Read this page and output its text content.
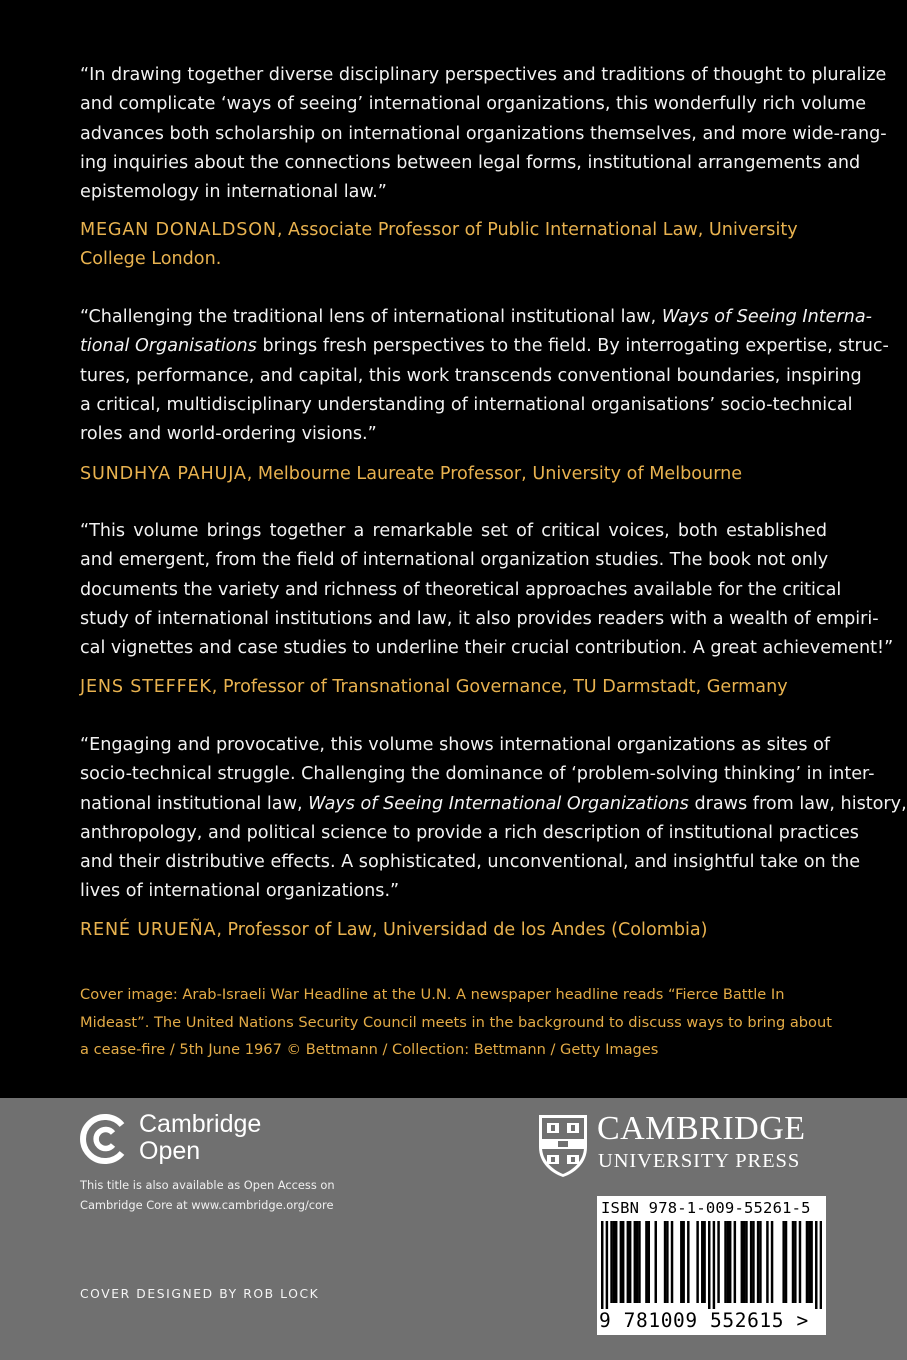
“In drawing together diverse disciplinary perspectives and traditions of thought to pluralize
and complicate ‘ways of seeing’ international organizations, this wonderfully rich volume
advances both scholarship on international organizations themselves, and more wide-rang-
ing inquiries about the connections between legal forms, institutional arrangements and
epistemology in international law.”
MEGAN DONALDSON, Associate Professor of Public International Law, University
College London.
“Challenging the traditional lens of international institutional law, Ways of Seeing Interna-
tional Organisations brings fresh perspectives to the field. By interrogating expertise, struc-
tures, performance, and capital, this work transcends conventional boundaries, inspiring
a critical, multidisciplinary understanding of international organisations’ socio-technical
roles and world-ordering visions.”
SUNDHYA PAHUJA, Melbourne Laureate Professor, University of Melbourne
“This volume brings together a remarkable set of critical voices, both established
and emergent, from the field of international organization studies. The book not only
documents the variety and richness of theoretical approaches available for the critical
study of international institutions and law, it also provides readers with a wealth of empiri-
cal vignettes and case studies to underline their crucial contribution. A great achievement!”
JENS STEFFEK, Professor of Transnational Governance, TU Darmstadt, Germany
“Engaging and provocative, this volume shows international organizations as sites of
socio-technical struggle. Challenging the dominance of ‘problem-solving thinking’ in inter-
national institutional law, Ways of Seeing International Organizations draws from law, history,
anthropology, and political science to provide a rich description of institutional practices
and their distributive effects. A sophisticated, unconventional, and insightful take on the
lives of international organizations.”
RENÉ URUEÑA, Professor of Law, Universidad de los Andes (Colombia)
Cover image: Arab-Israeli War Headline at the U.N. A newspaper headline reads “Fierce Battle In
Mideast”. The United Nations Security Council meets in the background to discuss ways to bring about
a cease-fire / 5th June 1967 © Bettmann / Collection: Bettmann / Getty Images
Cambridge
Open
This title is also available as Open Access on
Cambridge Core at www.cambridge.org/core
COVER DESIGNED BY ROB LOCK
CAMBRIDGE
UNIVERSITY PRESS
ISBN 978-1-009-55261-5
9 781009 552615 >
